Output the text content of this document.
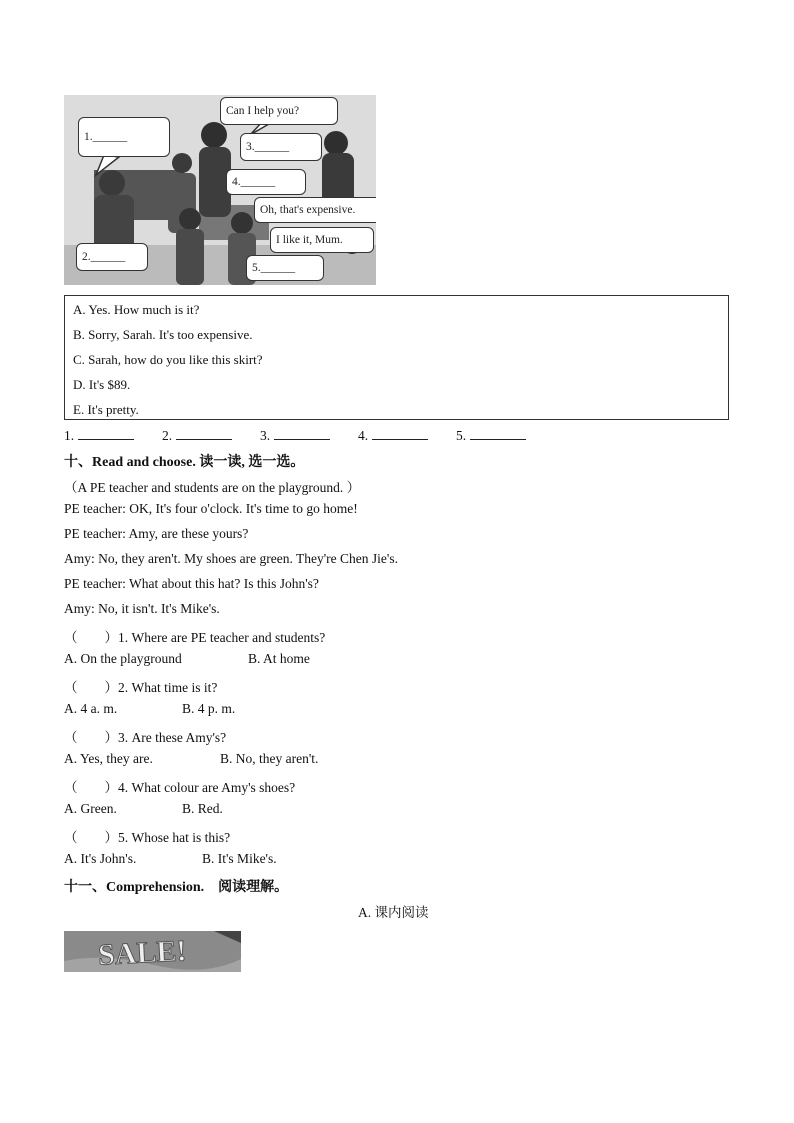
Can I help you?
1.______
3.______
4.______
Oh, that's expensive.
I like it, Mum.
2.______
5.______
A. Yes. How much is it?
B. Sorry, Sarah. It's too expensive.
C. Sarah, how do you like this skirt?
D. It's $89.
E. It's pretty.
1.	2.	3.	4.	5.
十、Read and choose. 读一读, 选一选。
（A PE teacher and students are on the playground. ）
PE teacher: OK, It's four o'clock. It's time to go home!
PE teacher: Amy, are these yours?
Amy: No, they aren't. My shoes are green. They're Chen Jie's.
PE teacher: What about this hat? Is this John's?
Amy: No, it isn't. It's Mike's.
（　　）1. Where are PE teacher and students?
A. On the playground	B. At home
（　　）2. What time is it?
A. 4 a. m.	B. 4 p. m.
（　　）3. Are these Amy's?
A. Yes, they are.	B. No, they aren't.
（　　）4. What colour are Amy's shoes?
A. Green.	B. Red.
（　　）5. Whose hat is this?
A. It's John's.	B. It's Mike's.
十一、Comprehension.　阅读理解。
A. 课内阅读
SALE!
